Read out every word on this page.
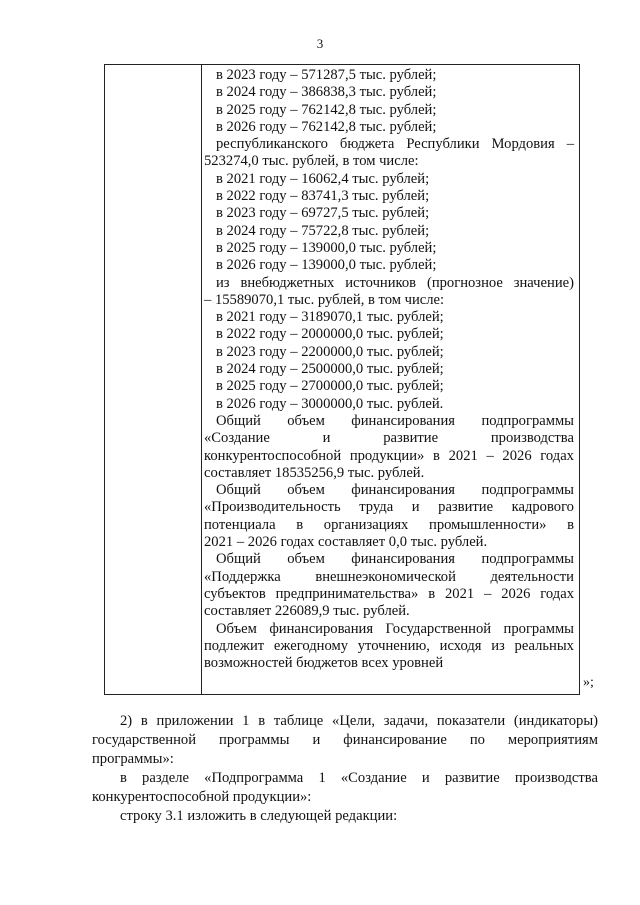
3
в 2023 году – 571287,5 тыс. рублей;
в 2024 году – 386838,3 тыс. рублей;
в 2025 году – 762142,8 тыс. рублей;
в 2026 году – 762142,8 тыс. рублей;
республиканского бюджета Республики Мордовия –
523274,0 тыс. рублей, в том числе:
в 2021 году – 16062,4 тыс. рублей;
в 2022 году – 83741,3 тыс. рублей;
в 2023 году – 69727,5 тыс. рублей;
в 2024 году – 75722,8 тыс. рублей;
в 2025 году – 139000,0 тыс. рублей;
в 2026 году – 139000,0 тыс. рублей;
из внебюджетных источников (прогнозное значение)
– 15589070,1 тыс. рублей, в том числе:
в 2021 году – 3189070,1 тыс. рублей;
в 2022 году – 2000000,0 тыс. рублей;
в 2023 году – 2200000,0 тыс. рублей;
в 2024 году – 2500000,0 тыс. рублей;
в 2025 году – 2700000,0 тыс. рублей;
в 2026 году – 3000000,0 тыс. рублей.
Общий объем финансирования подпрограммы
«Создание	и	развитие	производства
конкурентоспособной продукции» в 2021 – 2026 годах
составляет 18535256,9 тыс. рублей.
Общий объем финансирования подпрограммы
«Производительность труда и развитие кадрового
потенциала в организациях промышленности» в
2021 – 2026 годах составляет 0,0 тыс. рублей.
Общий объем финансирования подпрограммы
«Поддержка внешнеэкономической деятельности
субъектов предпринимательства» в 2021 – 2026 годах
составляет 226089,9 тыс. рублей.
Объем финансирования Государственной программы
подлежит ежегодному уточнению, исходя из реальных
возможностей бюджетов всех уровней
»;
2) в приложении 1 в таблице «Цели, задачи, показатели (индикаторы)
государственной программы и финансирование по мероприятиям
программы»:
в разделе «Подпрограмма 1 «Создание и развитие производства
конкурентоспособной продукции»:
строку 3.1 изложить в следующей редакции:
